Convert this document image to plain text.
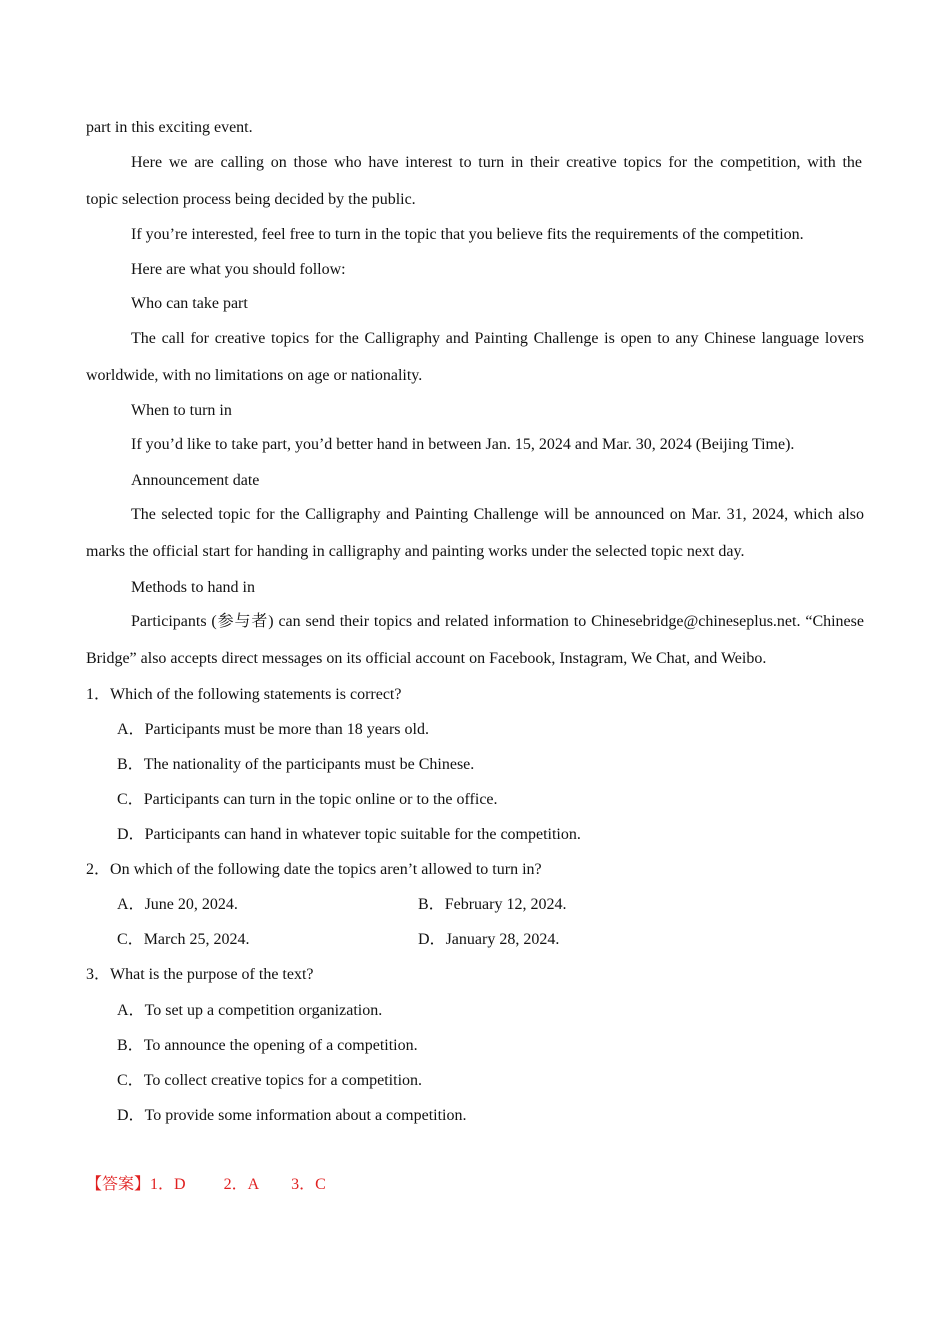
part in this exciting event.
Here we are calling on those who have interest to turn in their creative topics for the competition, with the
topic selection process being decided by the public.
If you’re interested, feel free to turn in the topic that you believe fits the requirements of the competition.
Here are what you should follow:
Who can take part
The call for creative topics for the Calligraphy and Painting Challenge is open to any Chinese language lovers
worldwide, with no limitations on age or nationality.
When to turn in
If you’d like to take part, you’d better hand in between Jan. 15, 2024 and Mar. 30, 2024 (Beijing Time).
Announcement date
The selected topic for the Calligraphy and Painting Challenge will be announced on Mar. 31, 2024, which also
marks the official start for handing in calligraphy and painting works under the selected topic next day.
Methods to hand in
Participants (参与者) can send their topics and related information to Chinesebridge@chineseplus.net. “Chinese
Bridge” also accepts direct messages on its official account on Facebook, Instagram, We Chat, and Weibo.
1．Which of the following statements is correct?
A．Participants must be more than 18 years old.
B．The nationality of the participants must be Chinese.
C．Participants can turn in the topic online or to the office.
D．Participants can hand in whatever topic suitable for the competition.
2．On which of the following date the topics aren’t allowed to turn in?
A．June 20, 2024.	B．February 12, 2024.
C．March 25, 2024.	D．January 28, 2024.
3．What is the purpose of the text?
A．To set up a competition organization.
B．To announce the opening of a competition.
C．To collect creative topics for a competition.
D．To provide some information about a competition.
【答案】1．D 2．A 3．C
